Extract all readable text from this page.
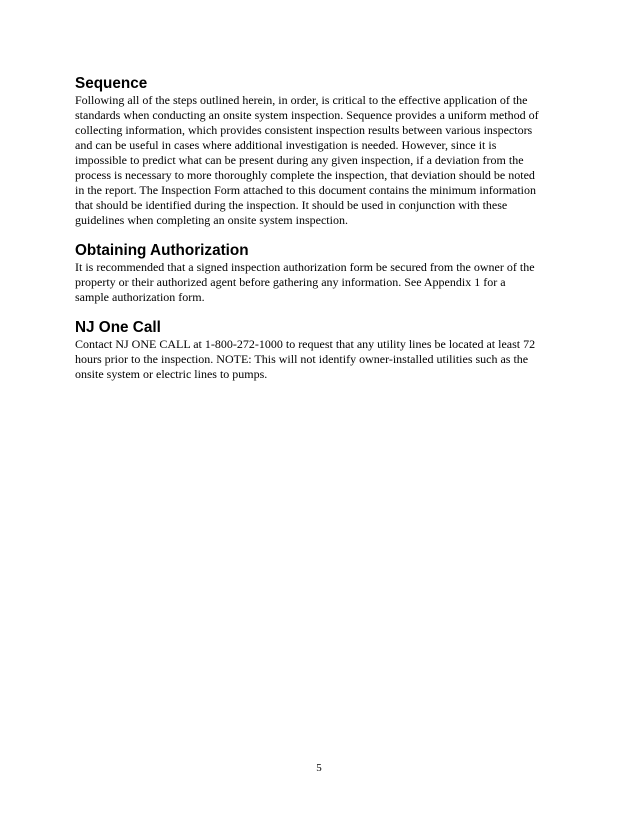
Sequence

Following all of the steps outlined herein, in order, is critical to the effective application of the
standards when conducting an onsite system inspection. Sequence provides a uniform method of
collecting information, which provides consistent inspection results between various inspectors
and can be useful in cases where additional investigation is needed. However, since it is
impossible to predict what can be present during any given inspection, if a deviation from the
process is necessary to more thoroughly complete the inspection, that deviation should be noted
in the report. The Inspection Form attached to this document contains the minimum information
that should be identified during the inspection. It should be used in conjunction with these
guidelines when completing an onsite system inspection.

Obtaining Authorization

It is recommended that a signed inspection authorization form be secured from the owner of the
property or their authorized agent before gathering any information. See Appendix 1 for a
sample authorization form.

NJ One Call

Contact NJ ONE CALL at 1-800-272-1000 to request that any utility lines be located at least 72
hours prior to the inspection. NOTE: This will not identify owner-installed utilities such as the
onsite system or electric lines to pumps.

5
